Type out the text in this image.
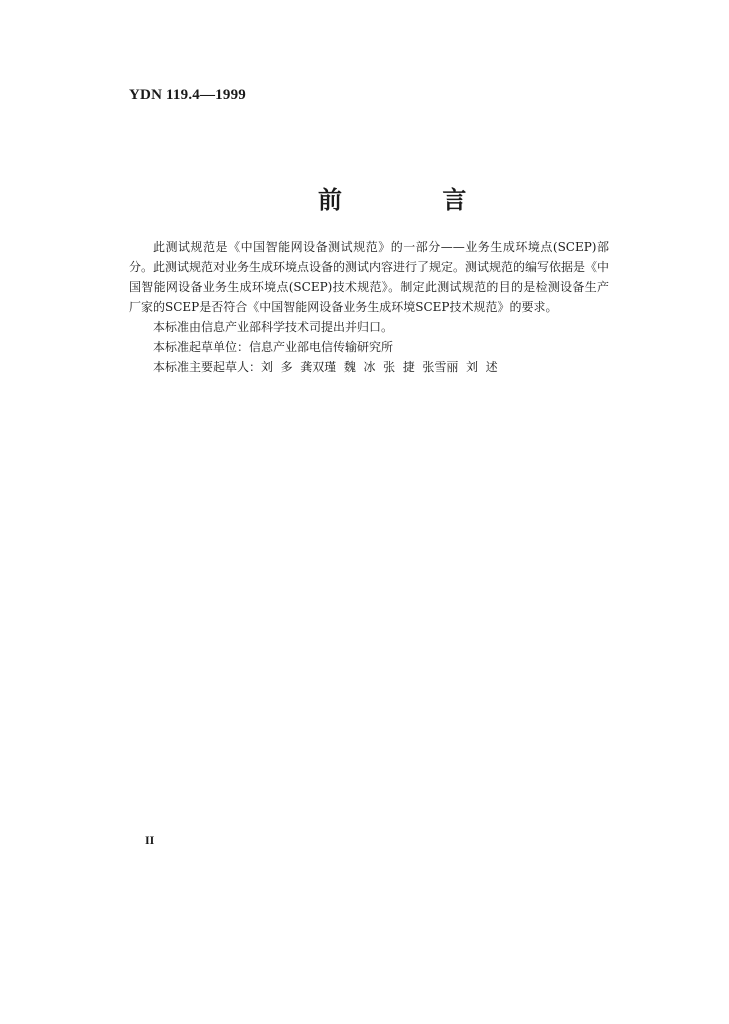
YDN 119.4—1999
前 言

此测试规范是《中国智能网设备测试规范》的一部分——业务生成环境点(SCEP)部分。此测试规范对业务生成环境点设备的测试内容进行了规定。测试规范的编写依据是《中国智能网设备业务生成环境点(SCEP)技术规范》。制定此测试规范的目的是检测设备生产厂家的SCEP是否符合《中国智能网设备业务生成环境SCEP技术规范》的要求。

本标准由信息产业部科学技术司提出并归口。

本标准起草单位：信息产业部电信传输研究所

本标准主要起草人：刘  多  龚双瑾  魏  冰  张  捷  张雪丽  刘  述

II
